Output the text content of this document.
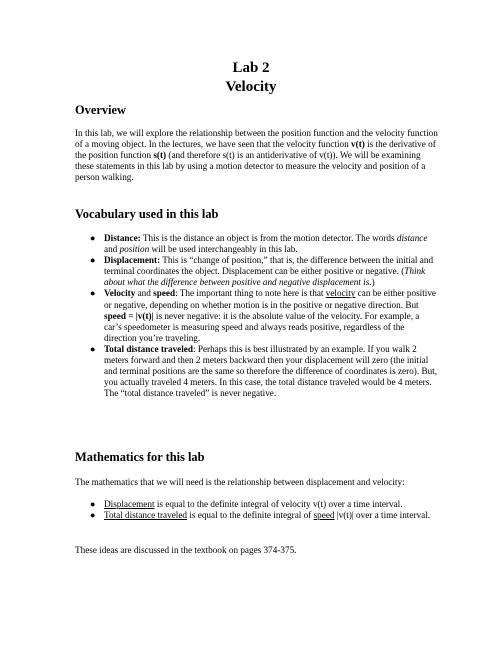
Lab 2
Velocity
Overview
In this lab, we will explore the relationship between the position function and the velocity function of a moving object. In the lectures, we have seen that the velocity function v(t) is the derivative of the position function s(t) (and therefore s(t) is an antiderivative of v(t)). We will be examining these statements in this lab by using a motion detector to measure the velocity and position of a person walking.
Vocabulary used in this lab
● Distance: This is the distance an object is from the motion detector. The words distance and position will be used interchangeably in this lab.
● Displacement: This is “change of position,” that is, the difference between the initial and terminal coordinates the object. Displacement can be either positive or negative. (Think about what the difference between positive and negative displacement is.)
● Velocity and speed: The important thing to note here is that velocity can be either positive or negative, depending on whether motion is in the positive or negative direction. But speed = |v(t)| is never negative: it is the absolute value of the velocity. For example, a car’s speedometer is measuring speed and always reads positive, regardless of the direction you’re traveling.
● Total distance traveled: Perhaps this is best illustrated by an example. If you walk 2 meters forward and then 2 meters backward then your displacement will zero (the initial and terminal positions are the same so therefore the difference of coordinates is zero). But, you actually traveled 4 meters. In this case, the total distance traveled would be 4 meters. The “total distance traveled” is never negative.
Mathematics for this lab
The mathematics that we will need is the relationship between displacement and velocity:
● Displacement is equal to the definite integral of velocity v(t) over a time interval.
● Total distance traveled is equal to the definite integral of speed |v(t)| over a time interval.
These ideas are discussed in the textbook on pages 374-375.
